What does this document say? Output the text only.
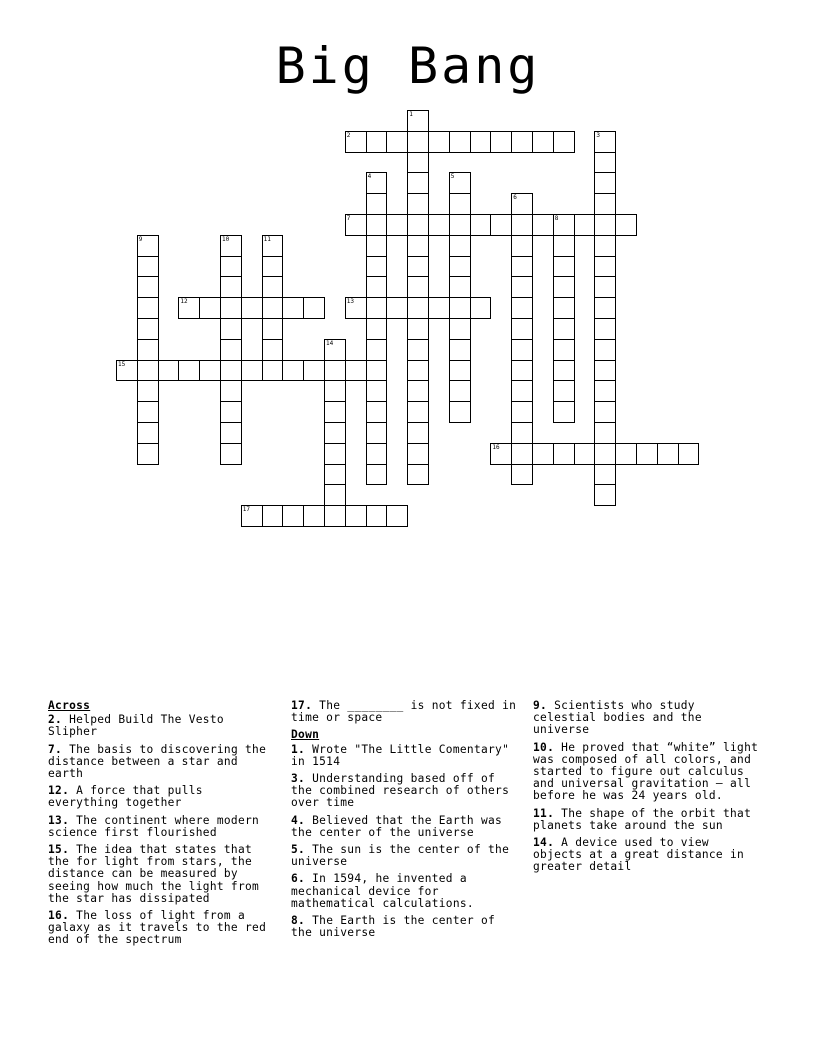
Big Bang
1
2	3
4	5
6
7	8
9	10	11
12	13
14
15
16
17
Across

2. Helped Build The Vesto Slipher

7. The basis to discovering the distance between a star and earth

12. A force that pulls everything together

13. The continent where modern science first flourished

15. The idea that states that the for light from stars, the distance can be measured by seeing how much the light from the star has dissipated

16. The loss of light from a galaxy as it travels to the red end of the spectrum

17. The ________ is not fixed in time or space

Down

1. Wrote "The Little Comentary" in 1514

3. Understanding based off of the combined research of others over time

4. Believed that the Earth was the center of the universe

5. The sun is the center of the universe

6. In 1594, he invented a mechanical device for mathematical calculations.

8. The Earth is the center of the universe

9. Scientists who study celestial bodies and the universe

10. He proved that “white” light was composed of all colors, and started to figure out calculus and universal gravitation — all before he was 24 years old.

11. The shape of the orbit that planets take around the sun

14. A device used to view objects at a great distance in greater detail
